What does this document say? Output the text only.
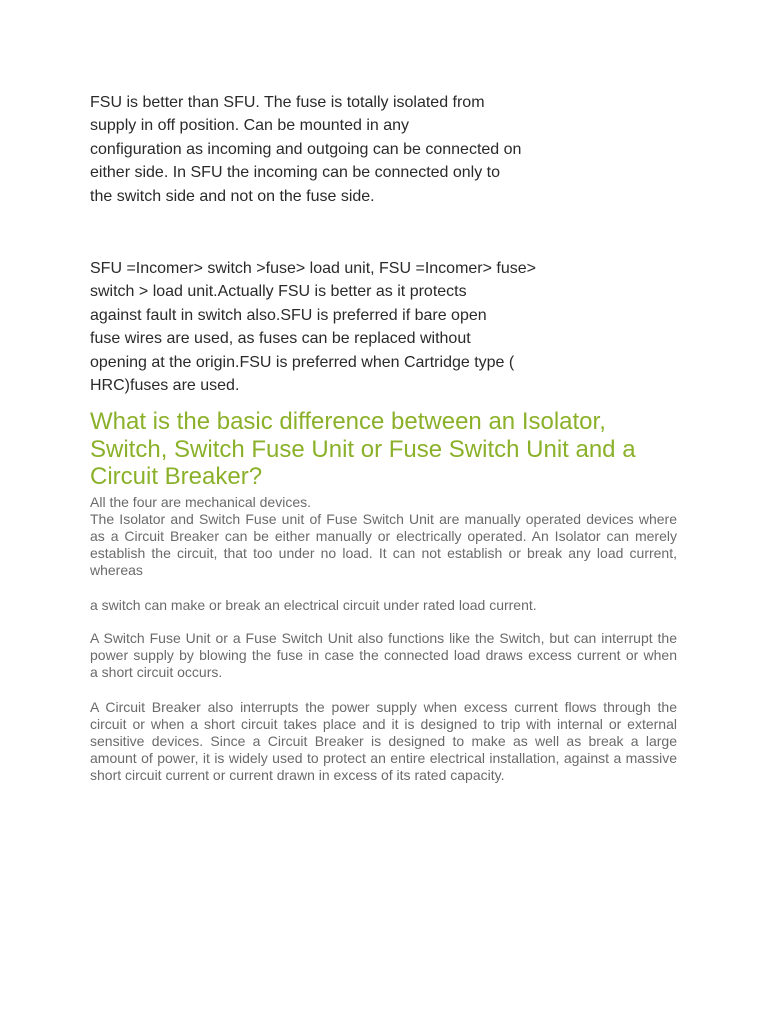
FSU is better than SFU. The fuse is totally isolated from
supply in off position. Can be mounted in any
configuration as incoming and outgoing can be connected on
either side. In SFU the incoming can be connected only to
the switch side and not on the fuse side.
SFU =Incomer> switch >fuse> load unit, FSU =Incomer> fuse>
switch > load unit.Actually FSU is better as it protects
against fault in switch also.SFU is preferred if bare open
fuse wires are used, as fuses can be replaced without
opening at the origin.FSU is preferred when Cartridge type (
HRC)fuses are used.
What is the basic difference between an Isolator,
Switch, Switch Fuse Unit or Fuse Switch Unit and a
Circuit Breaker?
All the four are mechanical devices.
The Isolator and Switch Fuse unit of Fuse Switch Unit are manually operated devices where
as a Circuit Breaker can be either manually or electrically operated. An Isolator can merely
establish the circuit, that too under no load. It can not establish or break any load current,
whereas
a switch can make or break an electrical circuit under rated load current.
A Switch Fuse Unit or a Fuse Switch Unit also functions like the Switch, but can interrupt the
power supply by blowing the fuse in case the connected load draws excess current or when
a short circuit occurs.
A Circuit Breaker also interrupts the power supply when excess current flows through the
circuit or when a short circuit takes place and it is designed to trip with internal or external
sensitive devices. Since a Circuit Breaker is designed to make as well as break a large
amount of power, it is widely used to protect an entire electrical installation, against a massive
short circuit current or current drawn in excess of its rated capacity.
